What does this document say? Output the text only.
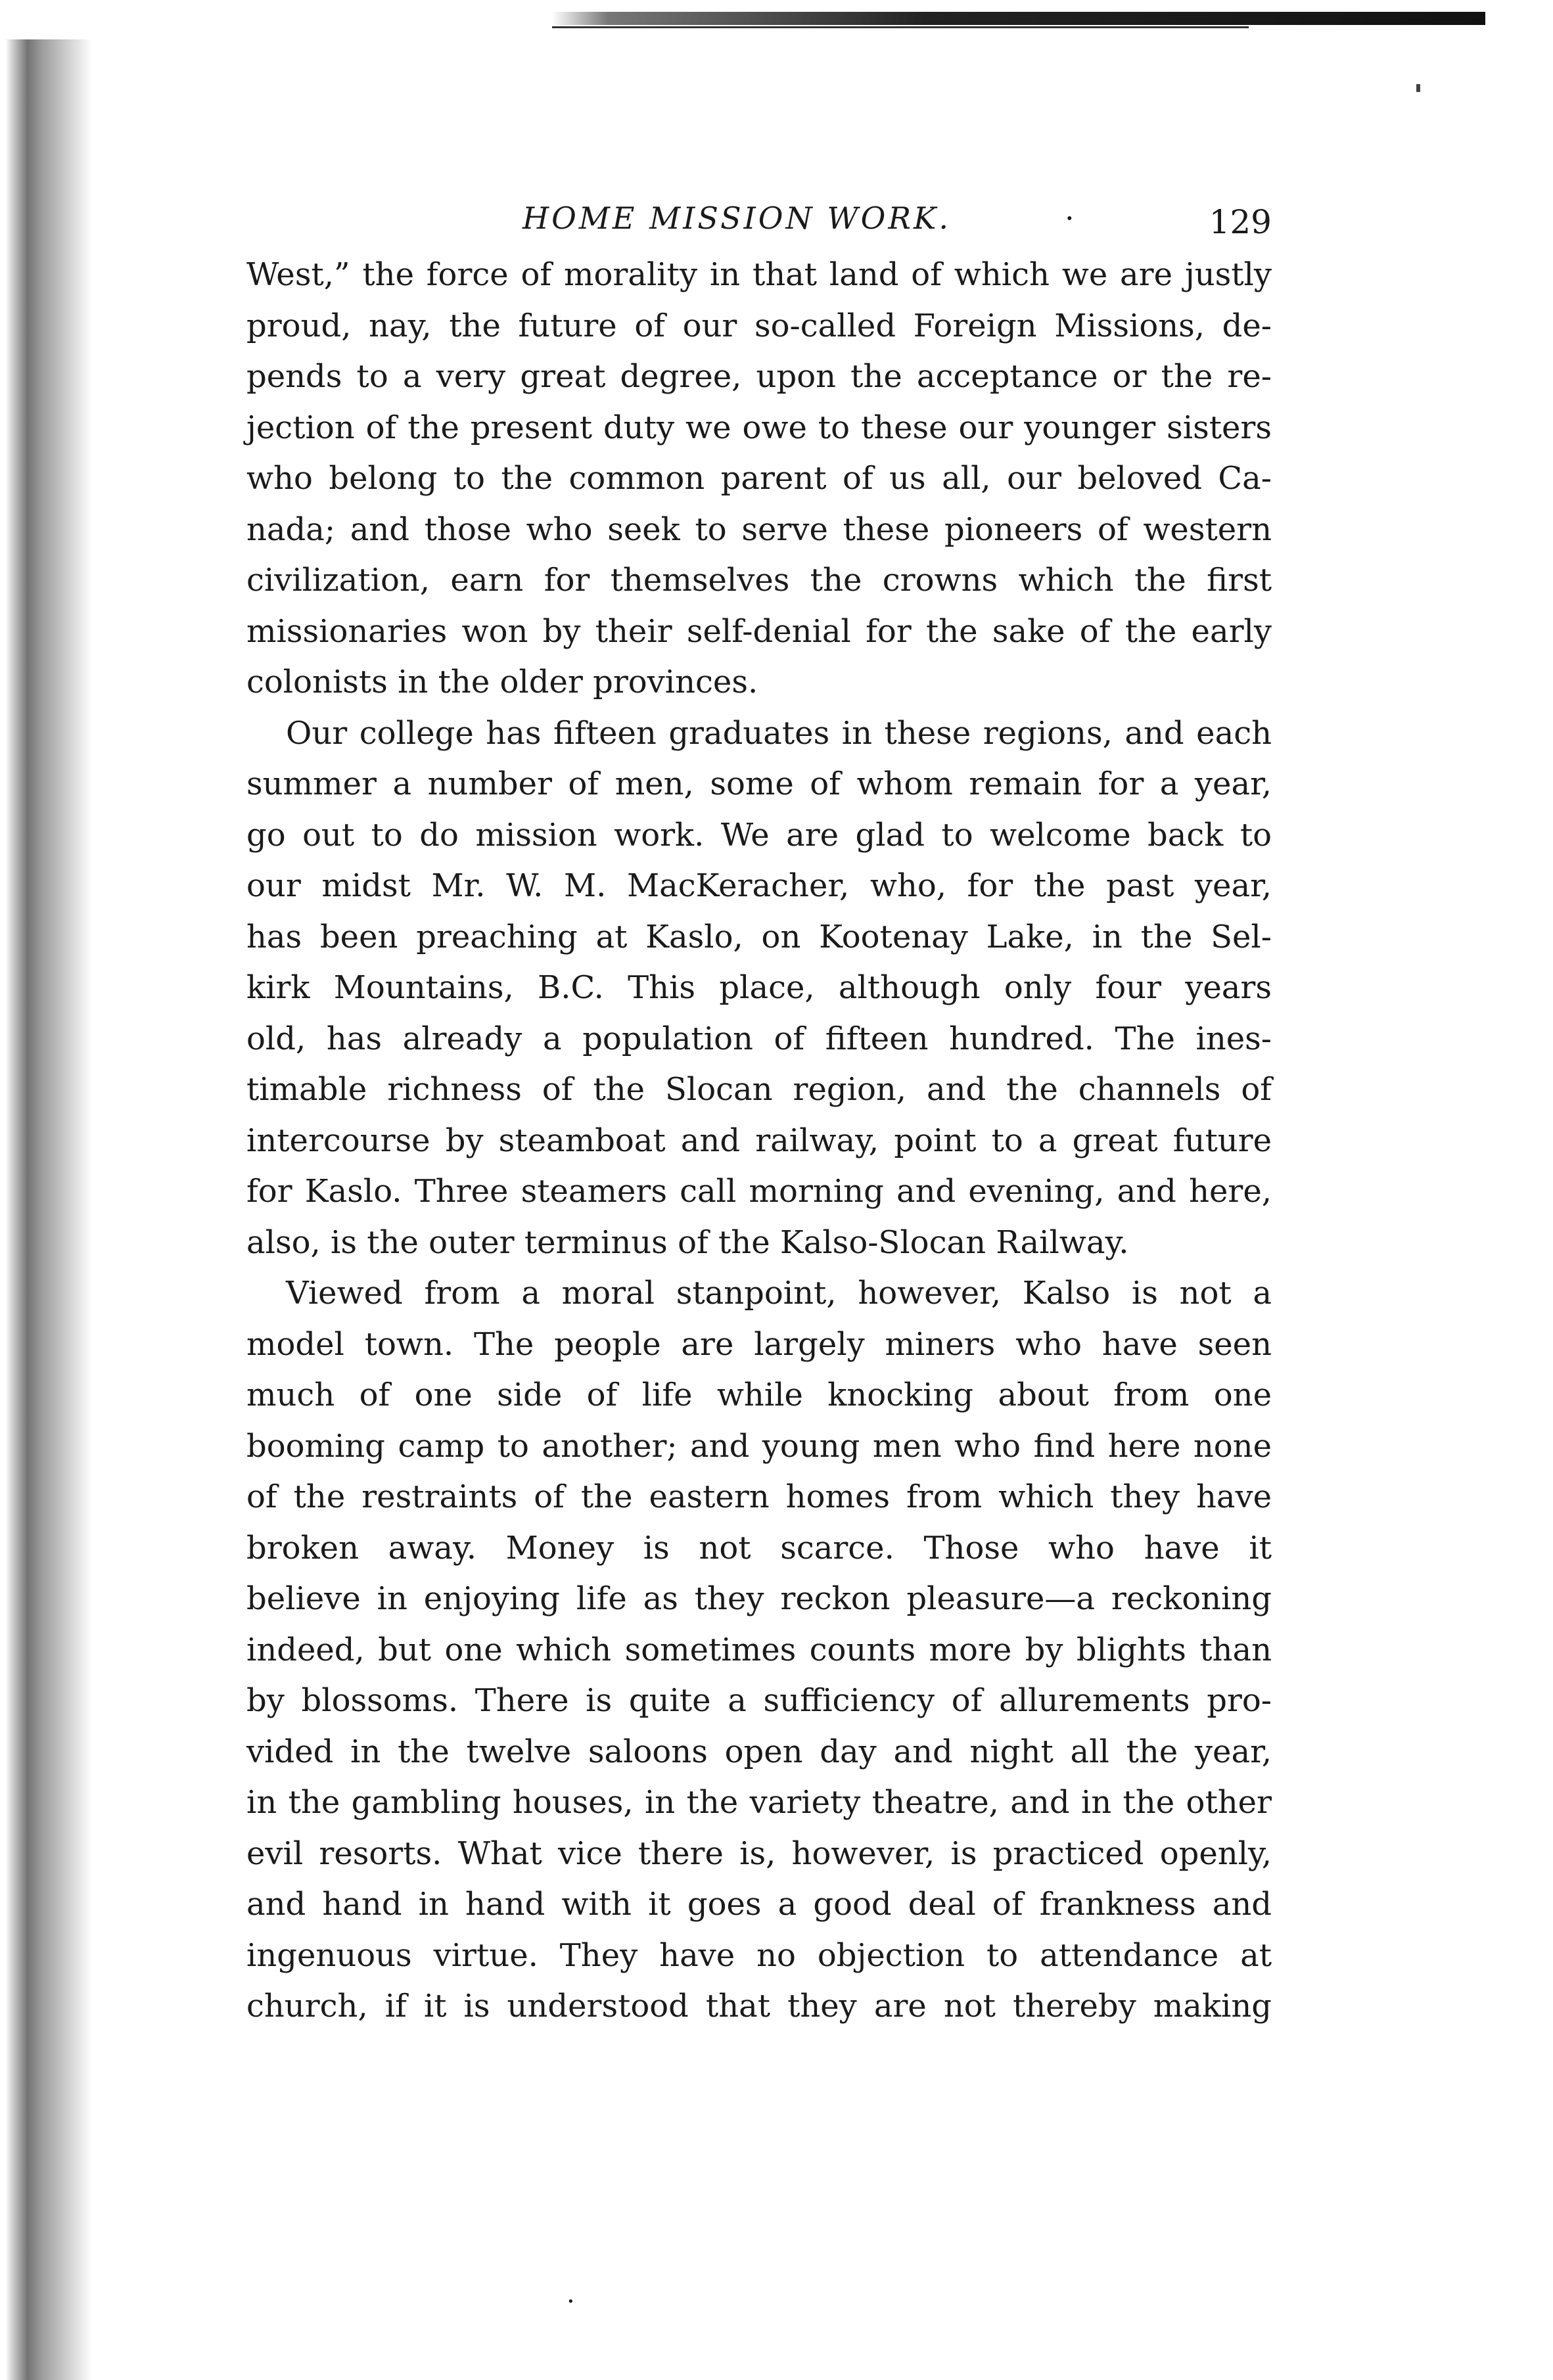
HOME MISSION WORK.	·	129
West,” the force of morality in that land of which we are justly
proud, nay, the future of our so-called Foreign Missions, de-
pends to a very great degree, upon the acceptance or the re-
jection of the present duty we owe to these our younger sisters
who belong to the common parent of us all, our beloved Ca-
nada; and those who seek to serve these pioneers of western
civilization, earn for themselves the crowns which the first
missionaries won by their self-denial for the sake of the early
colonists in the older provinces.
Our college has fifteen graduates in these regions, and each
summer a number of men, some of whom remain for a year,
go out to do mission work. We are glad to welcome back to
our midst Mr. W. M. MacKeracher, who, for the past year,
has been preaching at Kaslo, on Kootenay Lake, in the Sel-
kirk Mountains, B.C. This place, although only four years
old, has already a population of fifteen hundred. The ines-
timable richness of the Slocan region, and the channels of
intercourse by steamboat and railway, point to a great future
for Kaslo. Three steamers call morning and evening, and here,
also, is the outer terminus of the Kalso-Slocan Railway.
Viewed from a moral stanpoint, however, Kalso is not a
model town. The people are largely miners who have seen
much of one side of life while knocking about from one
booming camp to another; and young men who find here none
of the restraints of the eastern homes from which they have
broken away. Money is not scarce. Those who have it
believe in enjoying life as they reckon pleasure—a reckoning
indeed, but one which sometimes counts more by blights than
by blossoms. There is quite a sufficiency of allurements pro-
vided in the twelve saloons open day and night all the year,
in the gambling houses, in the variety theatre, and in the other
evil resorts. What vice there is, however, is practiced openly,
and hand in hand with it goes a good deal of frankness and
ingenuous virtue. They have no objection to attendance at
church, if it is understood that they are not thereby making
·
